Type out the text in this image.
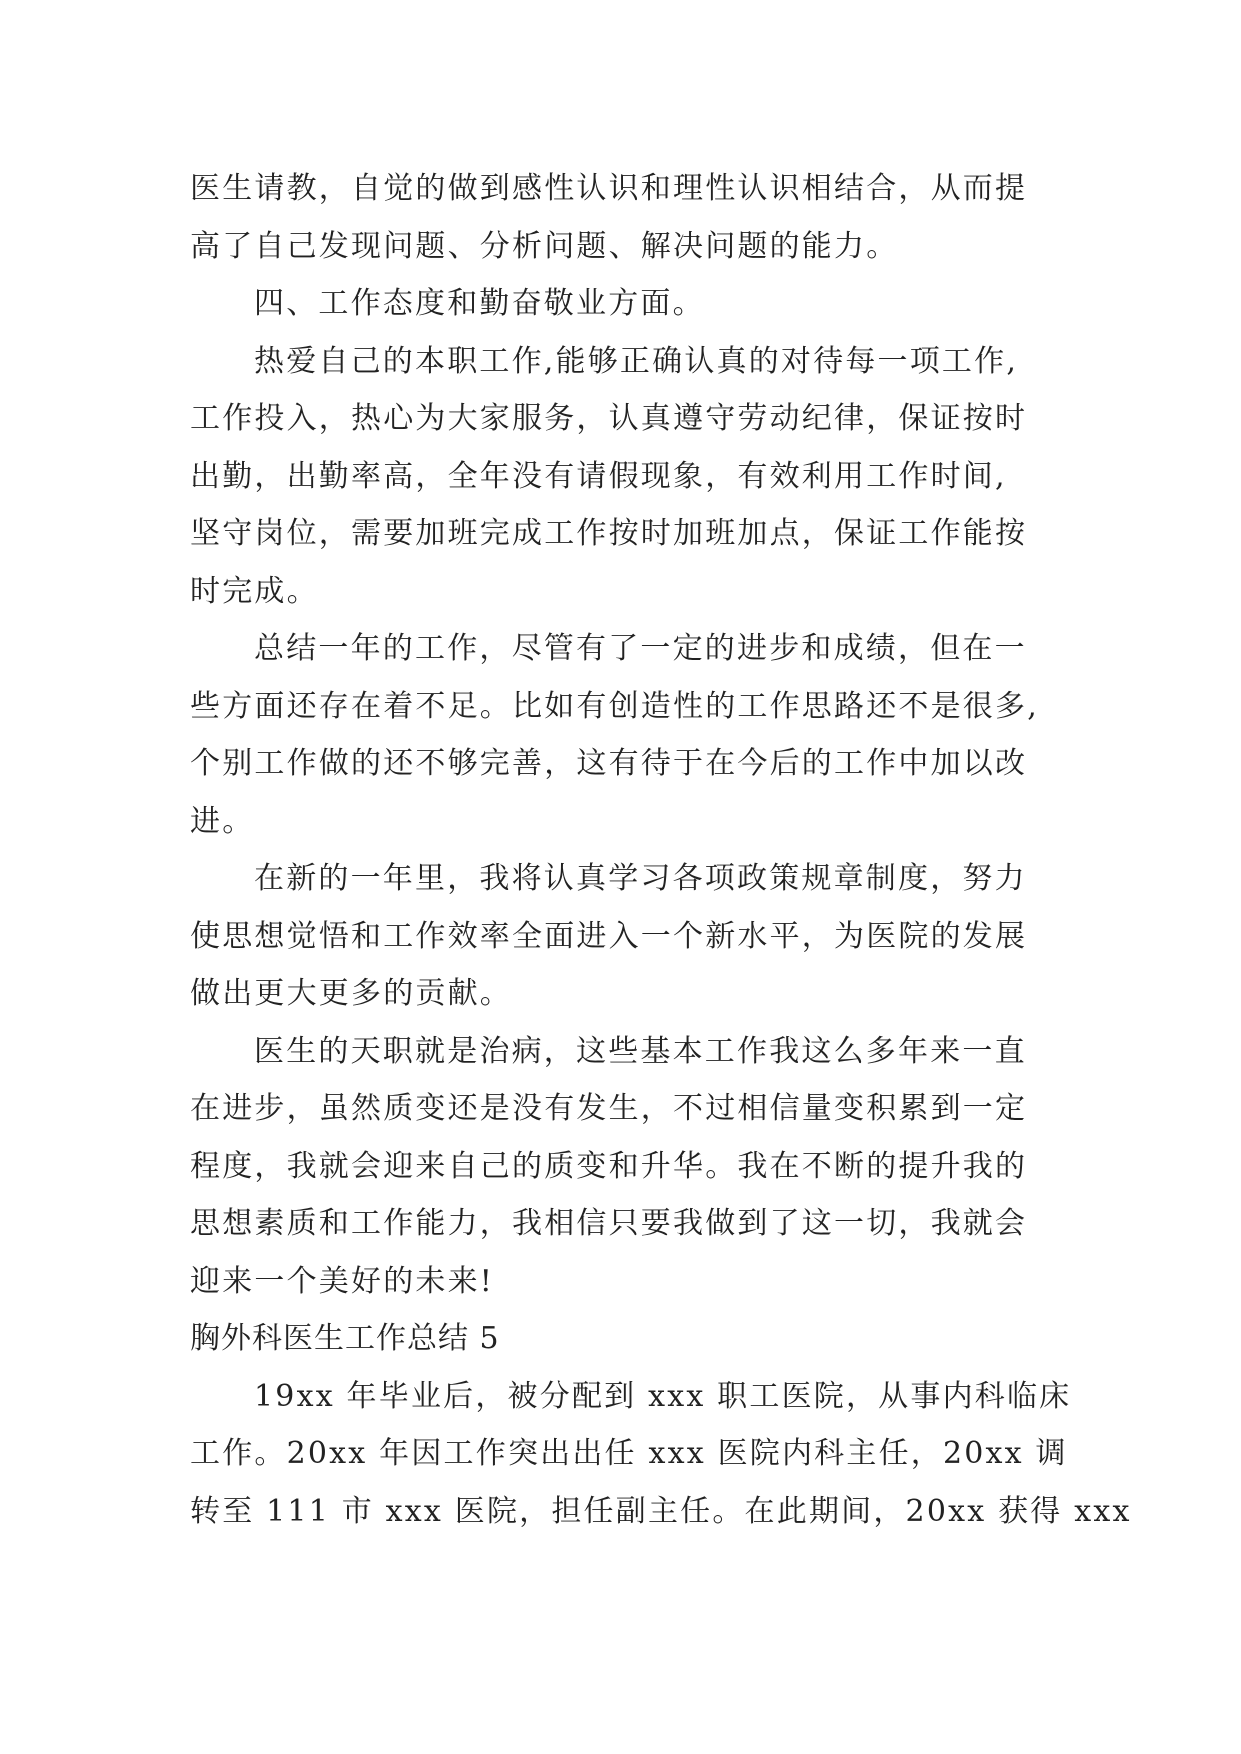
医生请教，自觉的做到感性认识和理性认识相结合，从而提
高了自己发现问题、分析问题、解决问题的能力。
四、工作态度和勤奋敬业方面。
热爱自己的本职工作,能够正确认真的对待每一项工作,
工作投入，热心为大家服务，认真遵守劳动纪律，保证按时
出勤，出勤率高，全年没有请假现象，有效利用工作时间,
坚守岗位，需要加班完成工作按时加班加点，保证工作能按
时完成。
总结一年的工作，尽管有了一定的进步和成绩，但在一
些方面还存在着不足。比如有创造性的工作思路还不是很多,
个别工作做的还不够完善，这有待于在今后的工作中加以改
进。
在新的一年里，我将认真学习各项政策规章制度，努力
使思想觉悟和工作效率全面进入一个新水平，为医院的发展
做出更大更多的贡献。
医生的天职就是治病，这些基本工作我这么多年来一直
在进步，虽然质变还是没有发生，不过相信量变积累到一定
程度，我就会迎来自己的质变和升华。我在不断的提升我的
思想素质和工作能力，我相信只要我做到了这一切，我就会
迎来一个美好的未来!
胸外科医生工作总结 5
19xx 年毕业后，被分配到 xxx 职工医院，从事内科临床
工作。20xx 年因工作突出出任 xxx 医院内科主任，20xx 调
转至 111 市 xxx 医院，担任副主任。在此期间，20xx 获得 xxx
